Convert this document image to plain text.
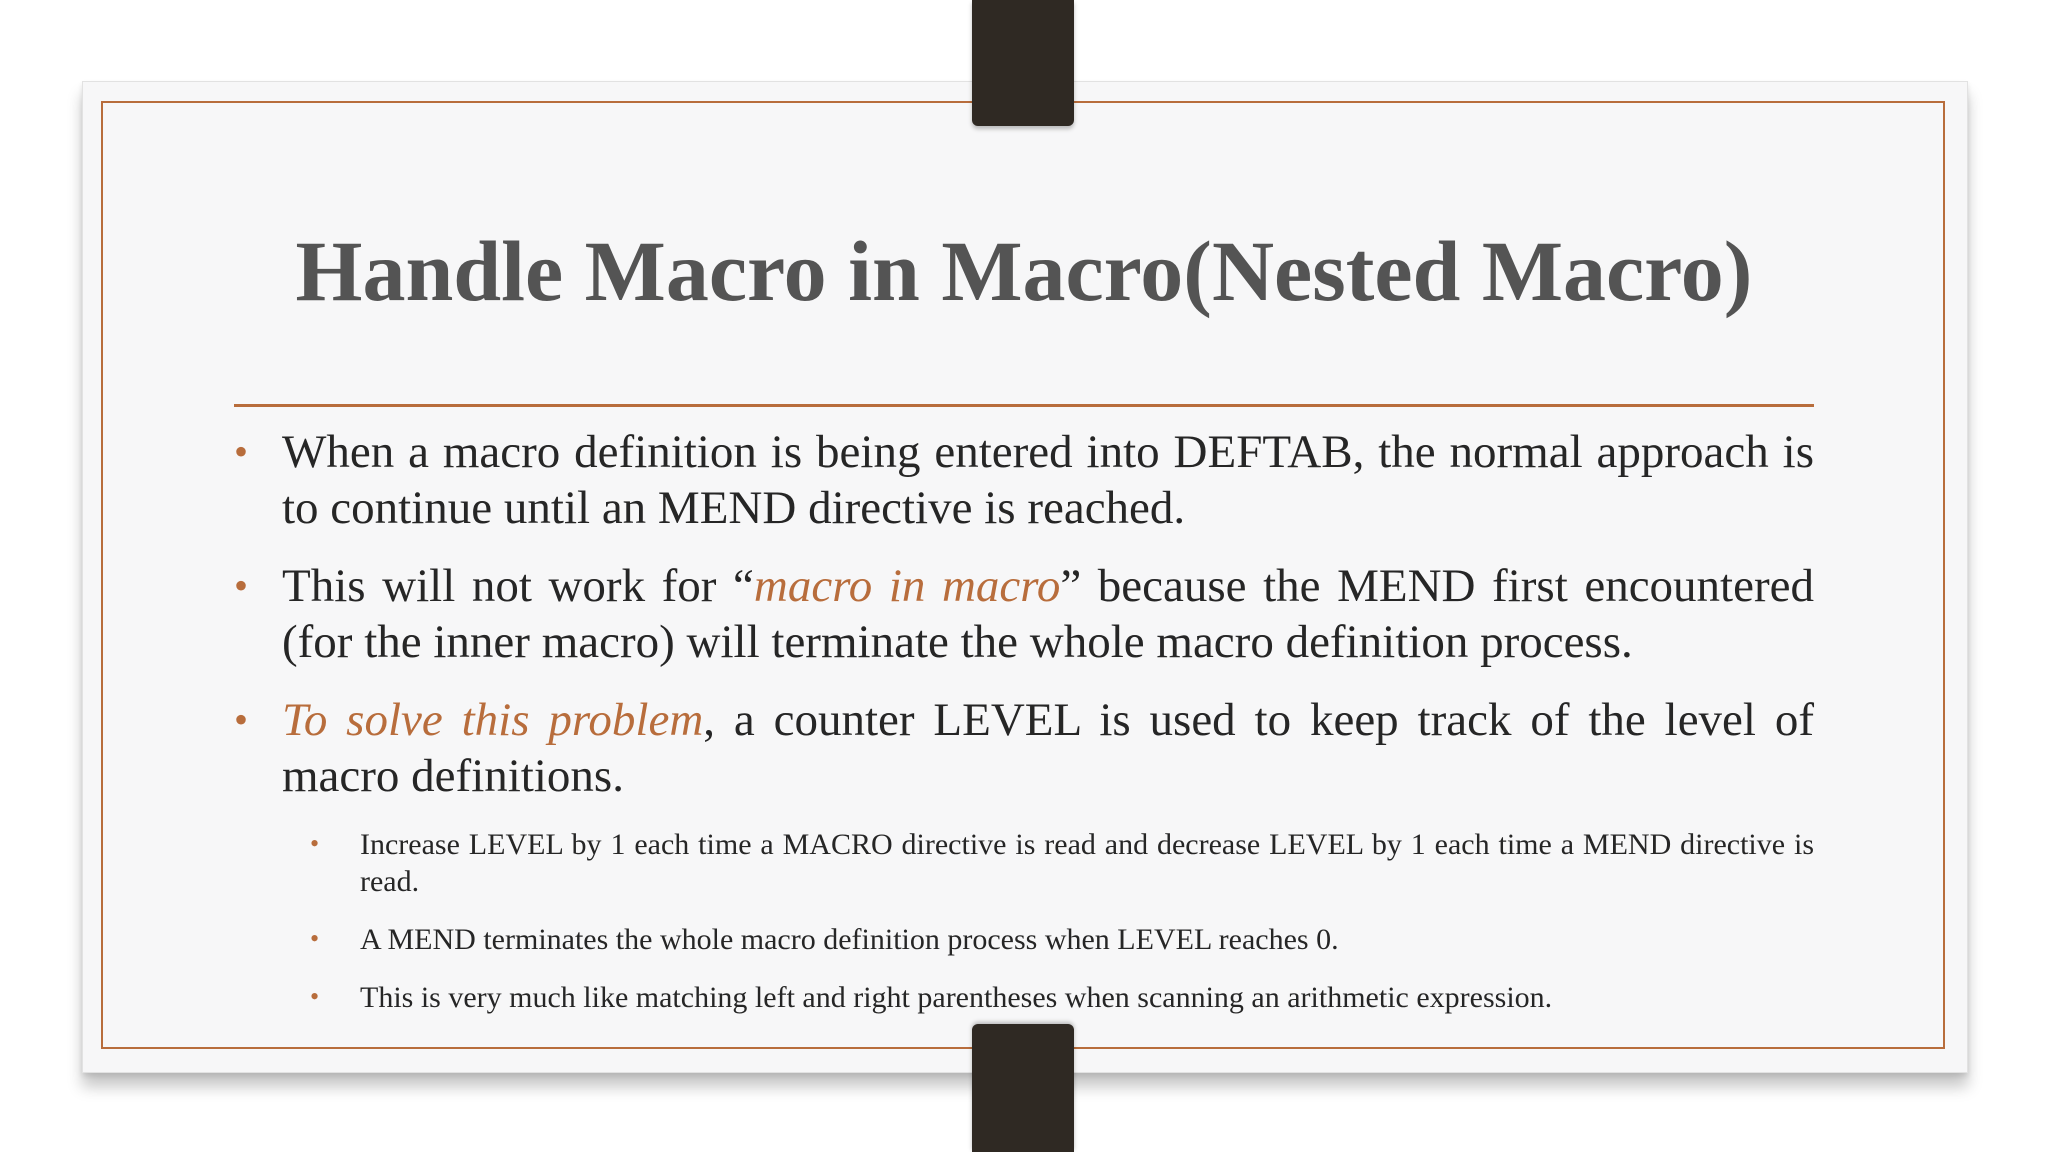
Handle Macro in Macro(Nested Macro)
• When a macro definition is being entered into DEFTAB, the normal approach is to continue until an MEND directive is reached.
• This will not work for “macro in macro” because the MEND first encountered (for the inner macro) will terminate the whole macro definition process.
• To solve this problem, a counter LEVEL is used to keep track of the level of macro definitions.
• Increase LEVEL by 1 each time a MACRO directive is read and decrease LEVEL by 1 each time a MEND directive is read.
• A MEND terminates the whole macro definition process when LEVEL reaches 0.
• This is very much like matching left and right parentheses when scanning an arithmetic expression.
